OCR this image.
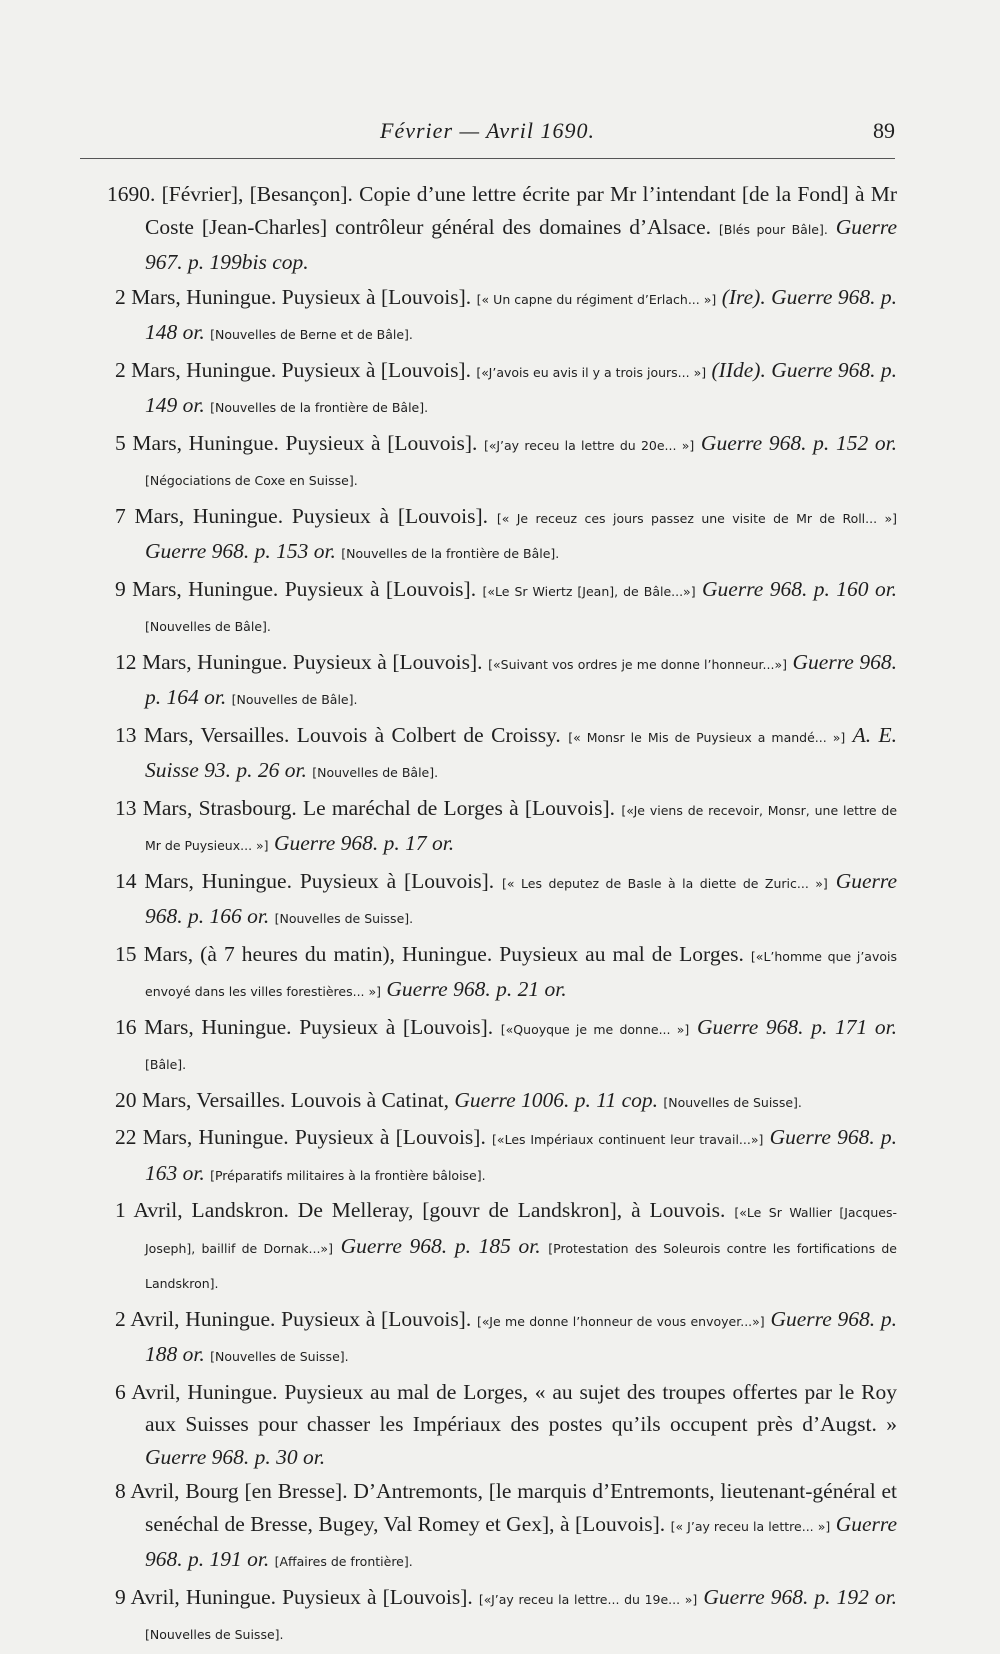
Février — Avril 1690.	89

1690. [Février], [Besançon]. Copie d’une lettre écrite par Mr l’intendant [de la Fond] à Mr Coste [Jean-Charles] contrôleur général des domaines d’Alsace. [Blés pour Bâle]. Guerre 967. p. 199bis cop.

2 Mars, Huningue. Puysieux à [Louvois]. [« Un capne du régiment d’Erlach... »] (Ire). Guerre 968. p. 148 or. [Nouvelles de Berne et de Bâle].

2 Mars, Huningue. Puysieux à [Louvois]. [«J’avois eu avis il y a trois jours... »] (IIde). Guerre 968. p. 149 or. [Nouvelles de la frontière de Bâle].

5 Mars, Huningue. Puysieux à [Louvois]. [«J’ay receu la lettre du 20e... »] Guerre 968. p. 152 or. [Négociations de Coxe en Suisse].

7 Mars, Huningue. Puysieux à [Louvois]. [« Je receuz ces jours passez une visite de Mr de Roll... »] Guerre 968. p. 153 or. [Nouvelles de la frontière de Bâle].

9 Mars, Huningue. Puysieux à [Louvois]. [«Le Sr Wiertz [Jean], de Bâle...»] Guerre 968. p. 160 or. [Nouvelles de Bâle].

12 Mars, Huningue. Puysieux à [Louvois]. [«Suivant vos ordres je me donne l’honneur...»] Guerre 968. p. 164 or. [Nouvelles de Bâle].

13 Mars, Versailles. Louvois à Colbert de Croissy. [« Monsr le Mis de Puysieux a mandé... »] A. E. Suisse 93. p. 26 or. [Nouvelles de Bâle].

13 Mars, Strasbourg. Le maréchal de Lorges à [Louvois]. [«Je viens de recevoir, Monsr, une lettre de Mr de Puysieux... »] Guerre 968. p. 17 or.

14 Mars, Huningue. Puysieux à [Louvois]. [« Les deputez de Basle à la diette de Zuric... »] Guerre 968. p. 166 or. [Nouvelles de Suisse].

15 Mars, (à 7 heures du matin), Huningue. Puysieux au mal de Lorges. [«L’homme que j’avois envoyé dans les villes forestières... »] Guerre 968. p. 21 or.

16 Mars, Huningue. Puysieux à [Louvois]. [«Quoyque je me donne... »] Guerre 968. p. 171 or. [Bâle].

20 Mars, Versailles. Louvois à Catinat, Guerre 1006. p. 11 cop. [Nouvelles de Suisse].

22 Mars, Huningue. Puysieux à [Louvois]. [«Les Impériaux continuent leur travail...»] Guerre 968. p. 163 or. [Préparatifs militaires à la frontière bâloise].

1 Avril, Landskron. De Melleray, [gouvr de Landskron], à Louvois. [«Le Sr Wallier [Jacques-Joseph], baillif de Dornak...»] Guerre 968. p. 185 or. [Protestation des Soleurois contre les fortifications de Landskron].

2 Avril, Huningue. Puysieux à [Louvois]. [«Je me donne l’honneur de vous envoyer...»] Guerre 968. p. 188 or. [Nouvelles de Suisse].

6 Avril, Huningue. Puysieux au mal de Lorges, « au sujet des troupes offertes par le Roy aux Suisses pour chasser les Impériaux des postes qu’ils occupent près d’Augst. » Guerre 968. p. 30 or.

8 Avril, Bourg [en Bresse]. D’Antremonts, [le marquis d’Entremonts, lieutenant-général et senéchal de Bresse, Bugey, Val Romey et Gex], à [Louvois]. [« J’ay receu la lettre... »] Guerre 968. p. 191 or. [Affaires de frontière].

9 Avril, Huningue. Puysieux à [Louvois]. [«J’ay receu la lettre... du 19e... »] Guerre 968. p. 192 or. [Nouvelles de Suisse].
